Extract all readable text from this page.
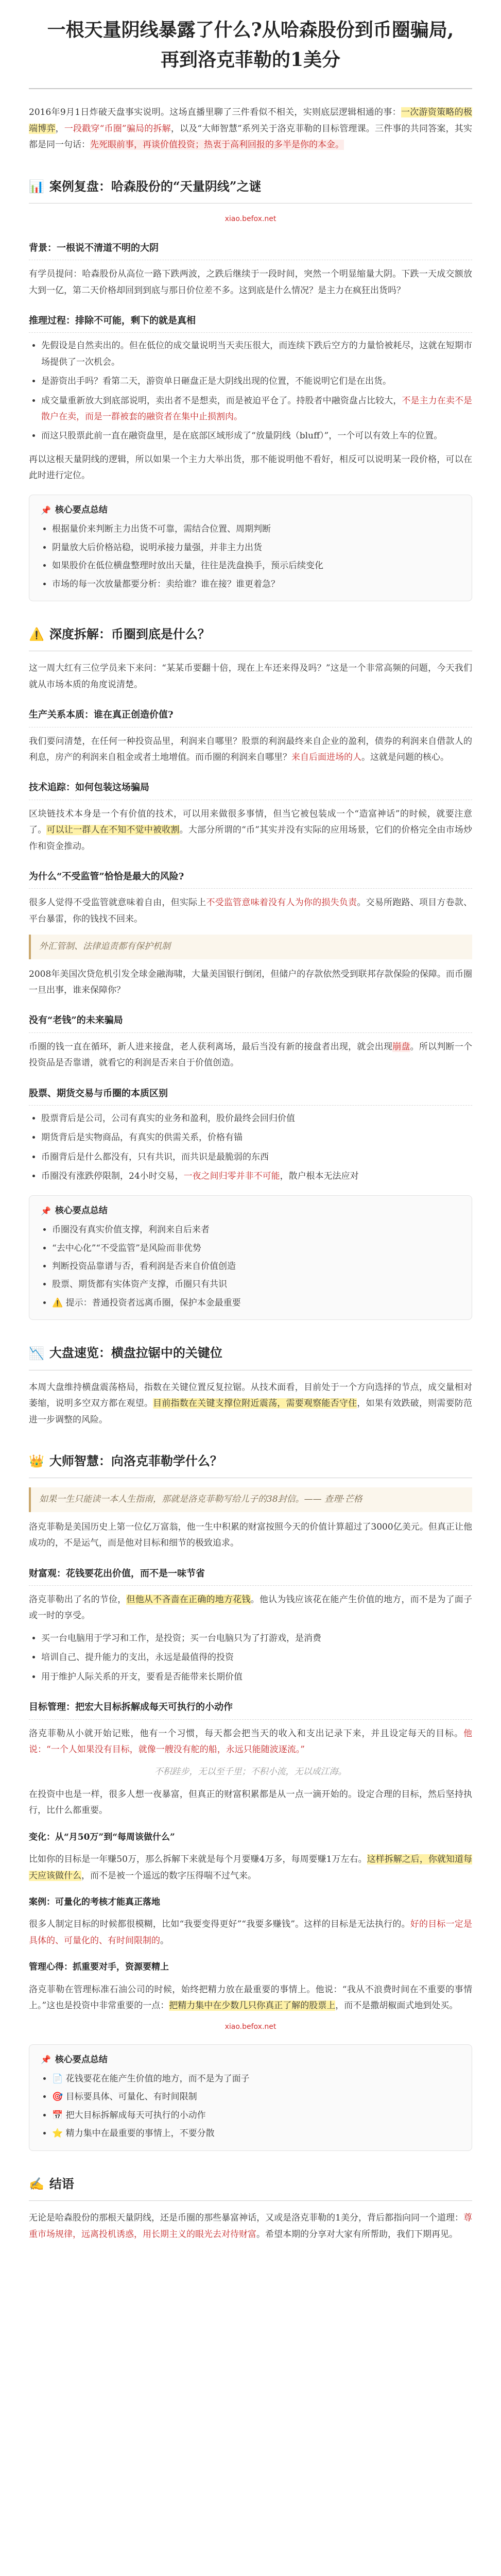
一根天量阴线暴露了什么?从哈森股份到币圈骗局,再到洛克菲勒的1美分

2016年9月1日炸破天盘事实说明。这场直播里聊了三件看似不相关，实则底层逻辑相通的事：一次游资策略的极端博弈，一段戳穿“币圈”骗局的拆解，以及“大师智慧”系列关于洛克菲勒的目标管理课。三件事的共同答案，其实都是同一句话：先死眼前事，再谈价值投资；热衷于高利回报的多半是你的本金。

📊 案例复盘：哈森股份的“天量阴线”之谜
xiao.befox.net
背景：一根说不清道不明的大阴

有学员提问：哈森股份从高位一路下跌两波，之跌后继续于一段时间，突然一个明显缩量大阴。下跌一天成交额放大到一亿，第二天价格却回到到底与那日价位差不多。这到底是什么情况？是主力在疯狂出货吗？

推理过程：排除不可能，剩下的就是真相
• 先假设是自然卖出的。但在低位的成交量说明当天卖压很大，而连续下跌后空方的力量恰被耗尽，这就在短期市场提供了一次机会。
• 是游资出手吗？看第二天，游资单日砸盘正是大阴线出现的位置，不能说明它们是在出货。
• 成交量重新放大到底部说明，卖出者不是想卖，而是被迫平仓了。持股者中融资盘占比较大，不是主力在卖不是散户在卖，而是一群被套的融资者在集中止损割肉。
• 而这只股票此前一直在融资盘里，是在底部区域形成了“放量阴线（bluff）”，一个可以有效上车的位置。

再以这根天量阴线的逻辑，所以如果一个主力大举出货，那不能说明他不看好，相反可以说明某一段价格，可以在此时进行定位。

📌 核心要点总结
• 根据量价来判断主力出货不可靠，需结合位置、周期判断
• 阴量放大后价格站稳，说明承接力量强，并非主力出货
• 如果股价在低位横盘整理时放出天量，往往是洗盘换手，预示后续变化
• 市场的每一次放量都要分析：卖给谁？谁在接？谁更着急？
⚠️ 深度拆解：币圈到底是什么？

这一周大红有三位学员来下来问：“某某币要翻十倍，现在上车还来得及吗？”这是一个非常高频的问题，今天我们就从市场本质的角度说清楚。

生产关系本质：谁在真正创造价值?

我们要问清楚，在任何一种投资品里，利润来自哪里？股票的利润最终来自企业的盈利，债券的利润来自借款人的利息，房产的利润来自租金或者土地增值。而币圈的利润来自哪里？来自后面进场的人。这就是问题的核心。

技术追踪：如何包装这场骗局

区块链技术本身是一个有价值的技术，可以用来做很多事情，但当它被包装成一个“造富神话”的时候，就要注意了。可以让一群人在不知不觉中被收割。大部分所谓的“币”其实并没有实际的应用场景，它们的价格完全由市场炒作和资金推动。

为什么“不受监管”恰恰是最大的风险?

很多人觉得不受监管就意味着自由，但实际上不受监管意味着没有人为你的损失负责。交易所跑路、项目方卷款、平台暴雷，你的钱找不回来。

外汇管制、法律追责都有保护机制

2008年美国次贷危机引发全球金融海啸，大量美国银行倒闭，但储户的存款依然受到联邦存款保险的保障。而币圈一旦出事，谁来保障你？

没有“老钱”的未来骗局

币圈的钱一直在循环，新人进来接盘，老人获利离场，最后当没有新的接盘者出现，就会出现崩盘。所以判断一个投资品是否靠谱，就看它的利润是否来自于价值创造。

股票、期货交易与币圈的本质区别
• 股票背后是公司，公司有真实的业务和盈利，股价最终会回归价值
• 期货背后是实物商品，有真实的供需关系，价格有锚
• 币圈背后是什么都没有，只有共识，而共识是最脆弱的东西
• 币圈没有涨跌停限制，24小时交易，一夜之间归零并非不可能，散户根本无法应对
📌 核心要点总结
• 币圈没有真实价值支撑，利润来自后来者
• “去中心化”“不受监管”是风险而非优势
• 判断投资品靠谱与否，看利润是否来自价值创造
• 股票、期货都有实体资产支撑，币圈只有共识
• ⚠️ 提示：普通投资者远离币圈，保护本金最重要
📉 大盘速览：横盘拉锯中的关键位

本周大盘维持横盘震荡格局，指数在关键位置反复拉锯。从技术面看，目前处于一个方向选择的节点，成交量相对萎缩，说明多空双方都在观望。目前指数在关键支撑位附近震荡，需要观察能否守住，如果有效跌破，则需要防范进一步调整的风险。

👑 大师智慧：向洛克菲勒学什么？
如果一生只能读一本人生指南，那就是洛克菲勒写给儿子的38封信。—— 查理·芒格

洛克菲勒是美国历史上第一位亿万富翁，他一生中积累的财富按照今天的价值计算超过了3000亿美元。但真正让他成功的，不是运气，而是他对目标和细节的极致追求。

财富观：花钱要花出价值，而不是一味节省

洛克菲勒出了名的节俭，但他从不吝啬在正确的地方花钱。他认为钱应该花在能产生价值的地方，而不是为了面子或一时的享受。

• 买一台电脑用于学习和工作，是投资；买一台电脑只为了打游戏，是消费
• 培训自己、提升能力的支出，永远是最值得的投资
• 用于维护人际关系的开支，要看是否能带来长期价值
目标管理：把宏大目标拆解成每天可执行的小动作

洛克菲勒从小就开始记账，他有一个习惯，每天都会把当天的收入和支出记录下来，并且设定每天的目标。他说：“一个人如果没有目标，就像一艘没有舵的船，永远只能随波逐流。”

不积跬步，无以至千里；不积小流，无以成江海。

在投资中也是一样，很多人想一夜暴富，但真正的财富积累都是从一点一滴开始的。设定合理的目标，然后坚持执行，比什么都重要。

变化：从“月50万”到“每周该做什么”

比如你的目标是一年赚50万，那么拆解下来就是每个月要赚4万多，每周要赚1万左右。这样拆解之后，你就知道每天应该做什么，而不是被一个遥远的数字压得喘不过气来。

案例：可量化的考核才能真正落地

很多人制定目标的时候都很模糊，比如“我要变得更好”“我要多赚钱”。这样的目标是无法执行的。好的目标一定是具体的、可量化的、有时间限制的。

管理心得：抓重要对手，资源要精上

洛克菲勒在管理标准石油公司的时候，始终把精力放在最重要的事情上。他说：“我从不浪费时间在不重要的事情上。”这也是投资中非常重要的一点：把精力集中在少数几只你真正了解的股票上，而不是撒胡椒面式地到处买。

xiao.befox.net
📌 核心要点总结
• 📄 花钱要花在能产生价值的地方，而不是为了面子
• 🎯 目标要具体、可量化、有时间限制
• 📅 把大目标拆解成每天可执行的小动作
• ⭐ 精力集中在最重要的事情上，不要分散
✍️ 结语

无论是哈森股份的那根天量阴线，还是币圈的那些暴富神话，又或是洛克菲勒的1美分，背后都指向同一个道理：尊重市场规律，远离投机诱惑，用长期主义的眼光去对待财富。希望本期的分享对大家有所帮助，我们下期再见。
